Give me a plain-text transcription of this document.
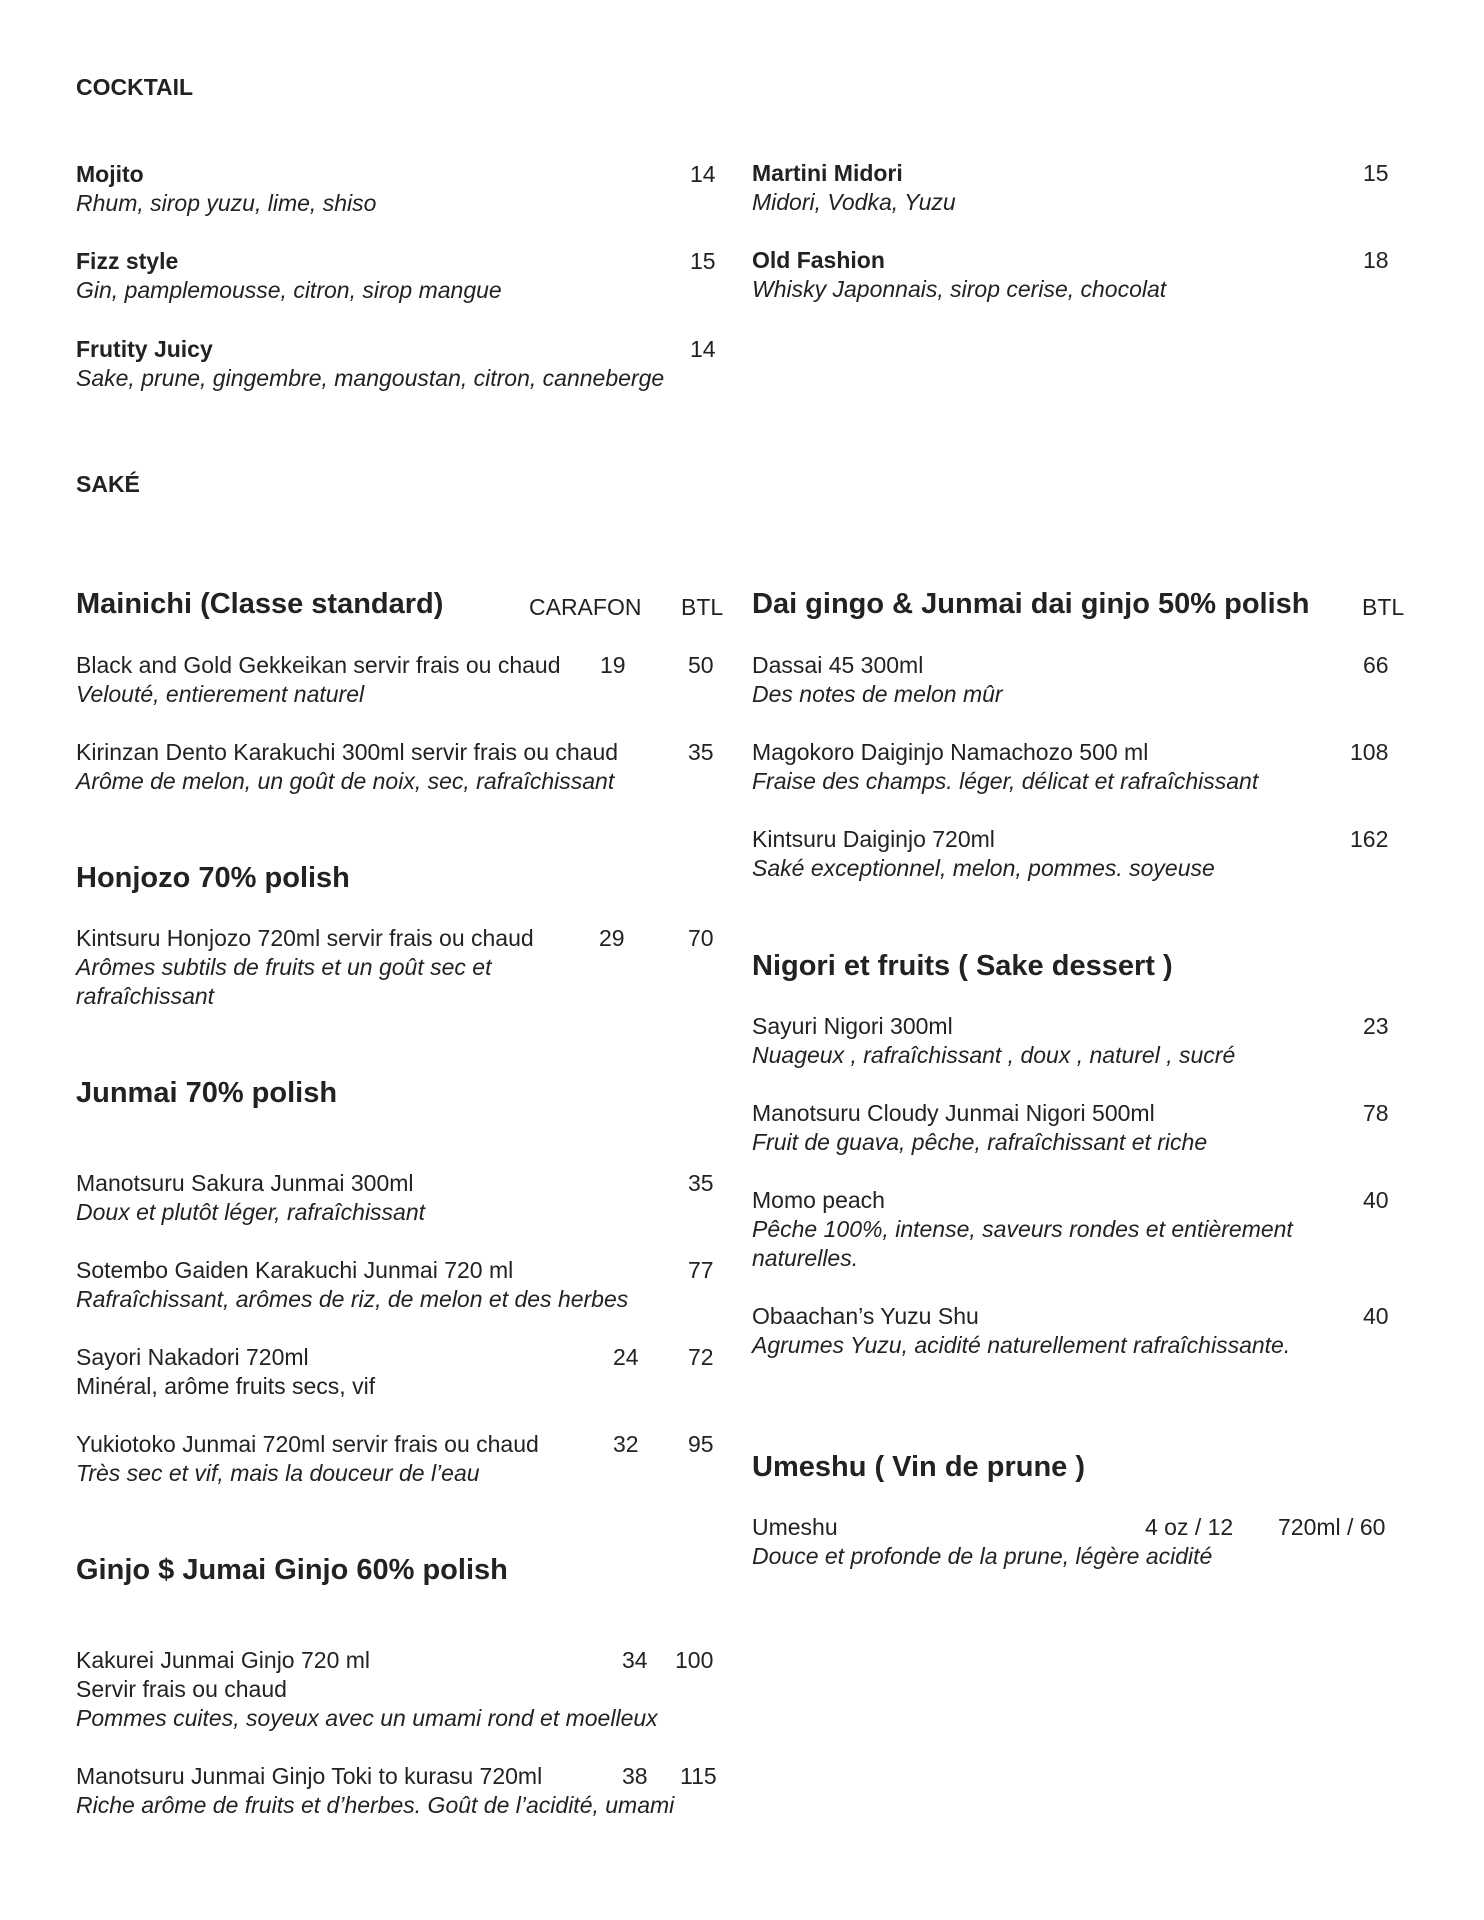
COCKTAIL
Mojito	14
Rhum, sirop yuzu, lime, shiso
Fizz style	15
Gin, pamplemousse, citron, sirop mangue
Frutity Juicy	14
Sake, prune, gingembre, mangoustan, citron, canneberge
Martini Midori	15
Midori, Vodka, Yuzu
Old Fashion	18
Whisky Japonnais, sirop cerise, chocolat
SAKÉ
Mainichi (Classe standard)	CARAFON BTL
Black and Gold Gekkeikan servir frais ou chaud 19	50
Velouté, entierement naturel
Kirinzan Dento Karakuchi 300ml servir frais ou chaud	35
Arôme de melon, un goût de noix, sec, rafraîchissant
Honjozo 70% polish
Kintsuru Honjozo 720ml servir frais ou chaud	29	70
Arômes subtils de fruits et un goût sec et
rafraîchissant
Junmai 70% polish
Manotsuru Sakura Junmai 300ml	35
Doux et plutôt léger, rafraîchissant
Sotembo Gaiden Karakuchi Junmai 720 ml	77
Rafraîchissant, arômes de riz, de melon et des herbes
Sayori Nakadori 720ml	24 72
Minéral, arôme fruits secs, vif
Yukiotoko Junmai 720ml servir frais ou chaud	32 95
Très sec et vif, mais la douceur de l’eau
Ginjo $ Jumai Ginjo 60% polish
Kakurei Junmai Ginjo 720 ml	34 100
Servir frais ou chaud
Pommes cuites, soyeux avec un umami rond et moelleux
Manotsuru Junmai Ginjo Toki to kurasu 720ml	38 115
Riche arôme de fruits et d’herbes. Goût de l’acidité, umami
Dai gingo & Junmai dai ginjo 50% polish BTL
Dassai 45 300ml	66
Des notes de melon mûr
Magokoro Daiginjo Namachozo 500 ml	108
Fraise des champs. léger, délicat et rafraîchissant
Kintsuru Daiginjo 720ml	162
Saké exceptionnel, melon, pommes. soyeuse
Nigori et fruits ( Sake dessert )
Sayuri Nigori 300ml	23
Nuageux , rafraîchissant , doux , naturel , sucré
Manotsuru Cloudy Junmai Nigori 500ml	78
Fruit de guava, pêche, rafraîchissant et riche
Momo peach	40
Pêche 100%, intense, saveurs rondes et entièrement
naturelles.
Obaachan’s Yuzu Shu	40
Agrumes Yuzu, acidité naturellement rafraîchissante.
Umeshu ( Vin de prune )
Umeshu	4 oz / 12 720ml / 60
Douce et profonde de la prune, légère acidité
